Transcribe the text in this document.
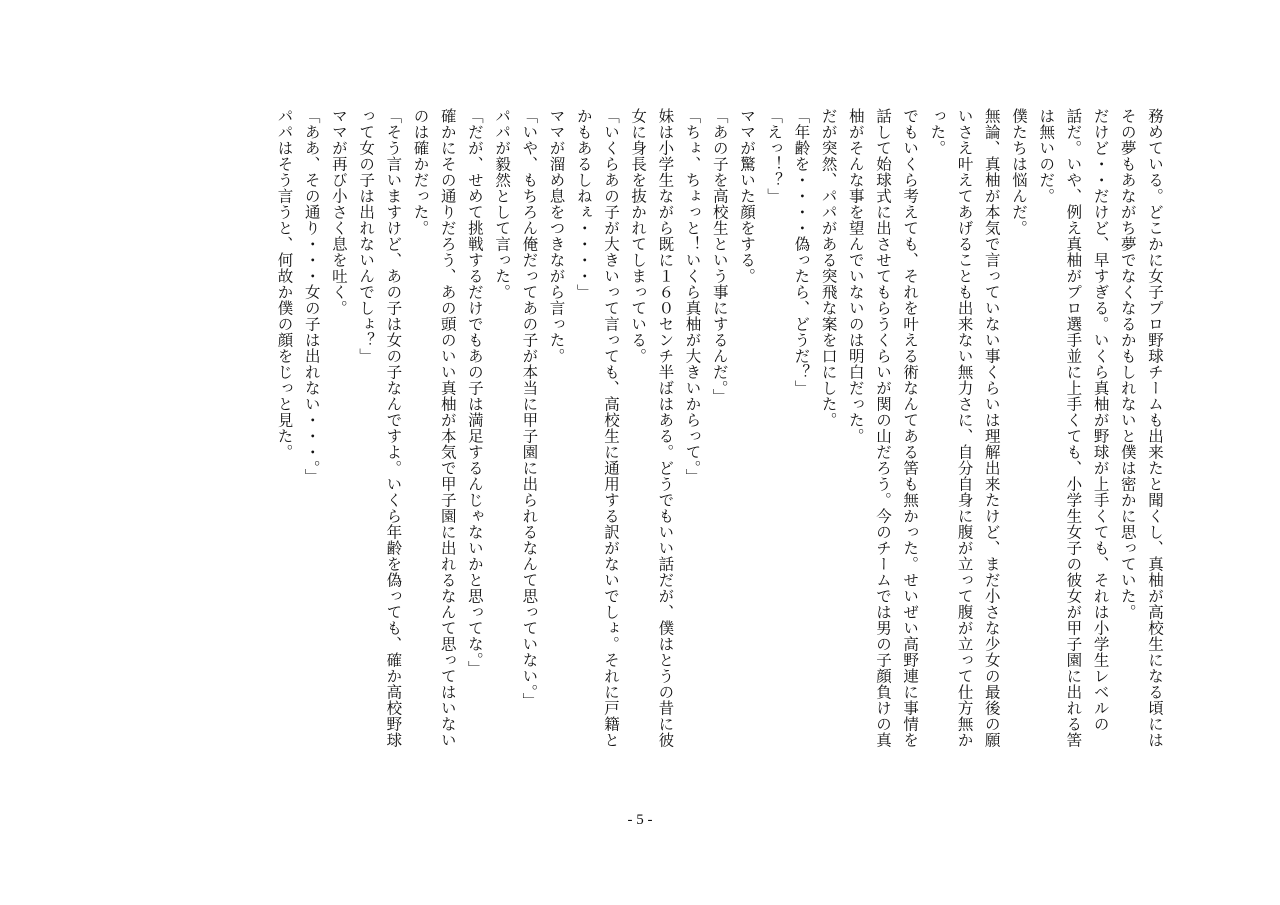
務めている。どこかに女子プロ野球チームも出来たと聞くし、真柚が高校生になる頃には
その夢もあながち夢でなくなるかもしれないと僕は密かに思っていた。
だけど・・だけど、早すぎる。いくら真柚が野球が上手くても、それは小学生レベルの
話だ。いや、例え真柚がプロ選手並に上手くても、小学生女子の彼女が甲子園に出れる筈
は無いのだ。
僕たちは悩んだ。
無論、真柚が本気で言っていない事くらいは理解出来たけど、まだ小さな少女の最後の願
いさえ叶えてあげることも出来ない無力さに、自分自身に腹が立って腹が立って仕方無か
った。
でもいくら考えても、それを叶える術なんてある筈も無かった。せいぜい高野連に事情を
話して始球式に出させてもらうくらいが関の山だろう。今のチームでは男の子顔負けの真
柚がそんな事を望んでいないのは明白だった。
だが突然、パパがある突飛な案を口にした。
「年齢を・・・・偽ったら、どうだ？」
「えっ！？」
ママが驚いた顔をする。
「あの子を高校生という事にするんだ。」
「ちょ、ちょっと！いくら真柚が大きいからって。」
妹は小学生ながら既に１６０センチ半ばはある。どうでもいい話だが、僕はとうの昔に彼
女に身長を抜かれてしまっている。
「いくらあの子が大きいって言っても、高校生に通用する訳がないでしょ。それに戸籍と
かもあるしねぇ・・・・」
ママが溜め息をつきながら言った。
「いや、もちろん俺だってあの子が本当に甲子園に出られるなんて思っていない。」
パパが毅然として言った。
「だが、せめて挑戦するだけでもあの子は満足するんじゃないかと思ってな。」
確かにその通りだろう、あの頭のいい真柚が本気で甲子園に出れるなんて思ってはいない
のは確かだった。
「そう言いますけど、あの子は女の子なんですよ。いくら年齢を偽っても、確か高校野球
って女の子は出れないんでしょ？」
ママが再び小さく息を吐く。
「ああ、その通り・・・女の子は出れない・・・。」
パパはそう言うと、何故か僕の顔をじっと見た。
- 5 -
